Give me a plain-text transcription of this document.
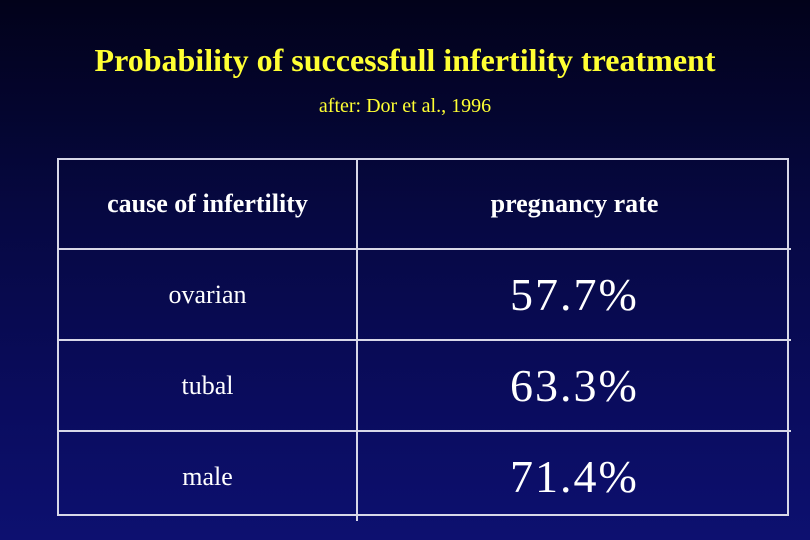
Probability of successfull infertility treatment
after: Dor et al., 1996
cause of infertility	pregnancy rate
ovarian	57.7%
tubal	63.3%
male	71.4%
